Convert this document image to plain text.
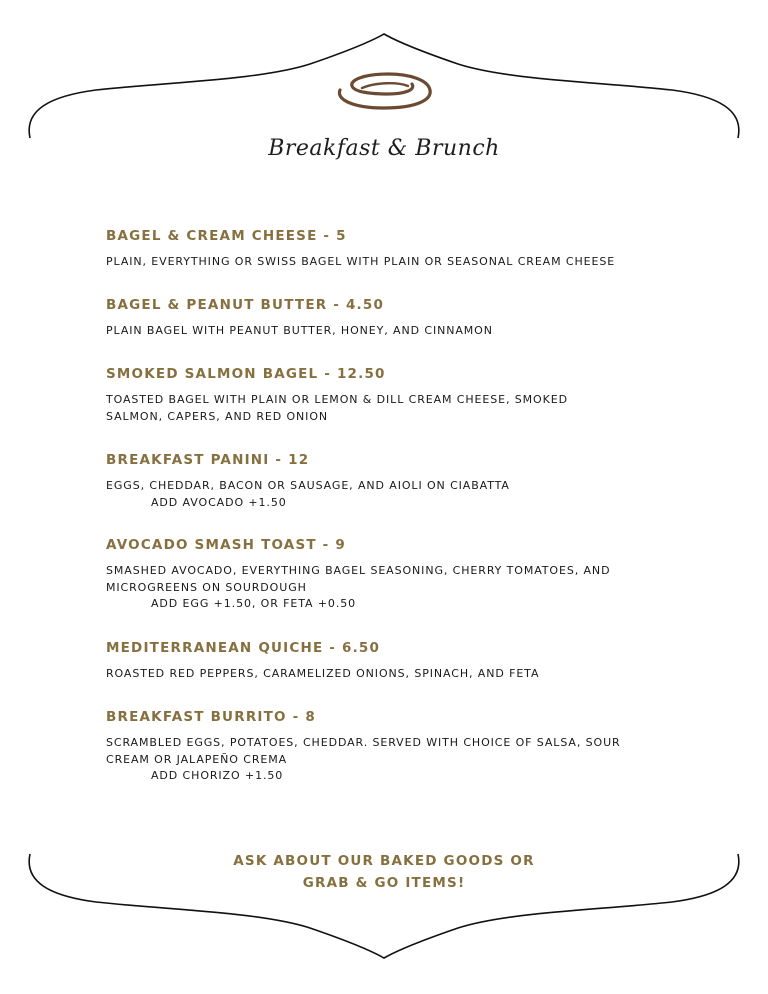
Breakfast & Brunch
BAGEL & CREAM CHEESE - 5
PLAIN, EVERYTHING OR SWISS BAGEL WITH PLAIN OR SEASONAL CREAM CHEESE
BAGEL & PEANUT BUTTER - 4.50
PLAIN BAGEL WITH PEANUT BUTTER, HONEY, AND CINNAMON
SMOKED SALMON BAGEL - 12.50
TOASTED BAGEL WITH PLAIN OR LEMON & DILL CREAM CHEESE, SMOKED SALMON, CAPERS, AND RED ONION
BREAKFAST PANINI - 12
EGGS, CHEDDAR, BACON OR SAUSAGE, AND AIOLI ON CIABATTA
ADD AVOCADO +1.50
AVOCADO SMASH TOAST - 9
SMASHED AVOCADO, EVERYTHING BAGEL SEASONING, CHERRY TOMATOES, AND MICROGREENS ON SOURDOUGH
ADD EGG +1.50, OR FETA +0.50
MEDITERRANEAN QUICHE - 6.50
ROASTED RED PEPPERS, CARAMELIZED ONIONS, SPINACH, AND FETA
BREAKFAST BURRITO - 8
SCRAMBLED EGGS, POTATOES, CHEDDAR. SERVED WITH CHOICE OF SALSA, SOUR CREAM OR JALAPEÑO CREMA
ADD CHORIZO +1.50
ASK ABOUT OUR BAKED GOODS OR
GRAB & GO ITEMS!
